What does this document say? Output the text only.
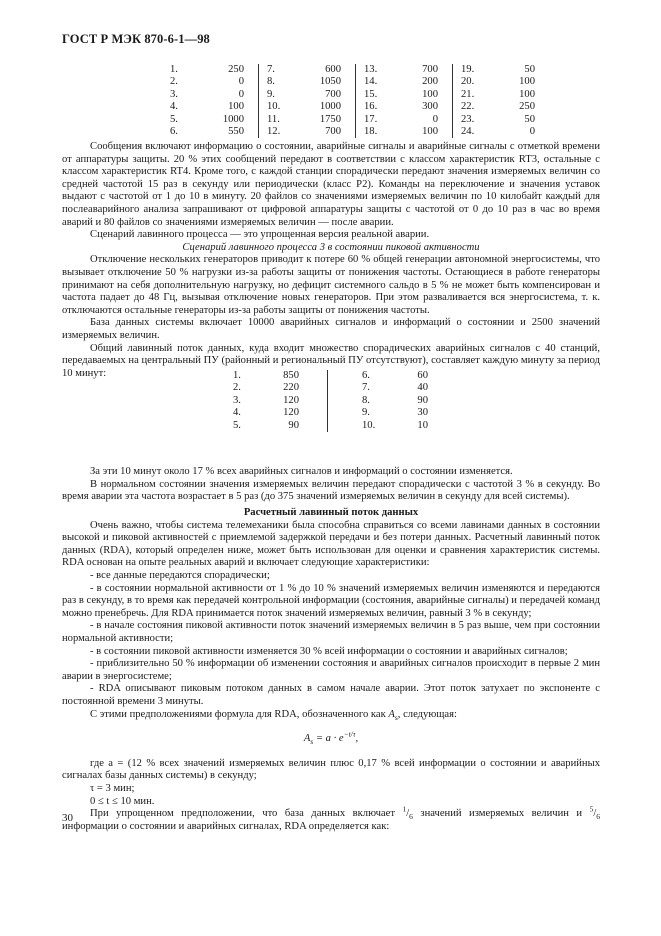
ГОСТ Р МЭК 870-6-1—98
1.	250	7.	600	13.	700	19.	50
2.	0	8.	1050	14.	200	20.	100
3.	0	9.	700	15.	100	21.	100
4.	100	10.	1000	16.	300	22.	250
5.	1000	11.	1750	17.	0	23.	50
6.	550	12.	700	18.	100	24.	0

Сообщения включают информацию о состоянии, аварийные сигналы и аварийные сигналы с отметкой времени от аппаратуры защиты. 20 % этих сообщений передают в соответствии с классом характеристик RT3, остальные с классом характеристик RT4. Кроме того, с каждой станции спорадически передают значения измеряемых величин со средней частотой 15 раз в секунду или периодически (класс P2). Команды на переключение и значения уставок выдают с частотой от 1 до 10 в минуту. 20 файлов со значениями измеряемых величин по 10 килобайт каждый для послеаварийного анализа запрашивают от цифровой аппаратуры защиты с частотой от 0 до 10 раз в час во время аварий и 80 файлов со значениями измеряемых величин — после аварии.

Сценарий лавинного процесса — это упрощенная версия реальной аварии.

Сценарий лавинного процесса 3 в состоянии пиковой активности

Отключение нескольких генераторов приводит к потере 60 % общей генерации автономной энергосистемы, что вызывает отключение 50 % нагрузки из-за работы защиты от понижения частоты. Остающиеся в работе генераторы принимают на себя дополнительную нагрузку, но дефицит системного сальдо в 5 % не может быть компенсирован и частота падает до 48 Гц, вызывая отключение новых генераторов. При этом разваливается вся энергосистема, т. к. отключаются остальные генераторы из-за работы защиты от понижения частоты.

База данных системы включает 10000 аварийных сигналов и информаций о состоянии и 2500 значений измеряемых величин.

Общий лавинный поток данных, куда входит множество спорадических аварийных сигналов с 40 станций, передаваемых на центральный ПУ (районный и региональный ПУ отсутствуют), составляет каждую минуту за период 10 минут:

За эти 10 минут около 17 % всех аварийных сигналов и информаций о состоянии изменяется.

В нормальном состоянии значения измеряемых величин передают спорадически с частотой 3 % в секунду. Во время аварии эта частота возрастает в 5 раз (до 375 значений измеряемых величин в секунду для всей системы).

Расчетный лавинный поток данных

Очень важно, чтобы система телемеханики была способна справиться со всеми лавинами данных в состоянии высокой и пиковой активностей с приемлемой задержкой передачи и без потери данных. Расчетный лавинный поток данных (RDA), который определен ниже, может быть использован для оценки и сравнения характеристик системы. RDA основан на опыте реальных аварий и включает следующие характеристики:

- все данные передаются спорадически;

- в состоянии нормальной активности от 1 % до 10 % значений измеряемых величин изменяются и передаются раз в секунду, в то время как передачей контрольной информации (состояния, аварийные сигналы) и передачей команд можно пренебречь. Для RDA принимается поток значений измеряемых величин, равный 3 % в секунду;

- в начале состояния пиковой активности поток значений измеряемых величин в 5 раз выше, чем при состоянии нормальной активности;

- в состоянии пиковой активности изменяется 30 % всей информации о состоянии и аварийных сигналов;

- приблизительно 50 % информации об изменении состояния и аварийных сигналов происходит в первые 2 мин аварии в энергосистеме;

- RDA описывают пиковым потоком данных в самом начале аварии. Этот поток затухает по экспоненте с постоянной времени 3 минуты.

С этими предположениями формула для RDA, обозначенного как $A_s$, следующая:

$A_s = a \cdot e^{-t/\tau}$,

где a = (12 % всех значений измеряемых величин плюс 0,17 % всей информации о состоянии и аварийных сигналах базы данных системы) в секунду;

τ = 3 мин;

0 ≤ t ≤ 10 мин.

При упрощенном предположении, что база данных включает $^1/_6$ значений измеряемых величин и $^5/_6$ информации о состоянии и аварийных сигналах, RDA определяется как:

1.	850	6.	60
2.	220	7.	40
3.	120	8.	90
4.	120	9.	30
5.	90	10.	10
30
